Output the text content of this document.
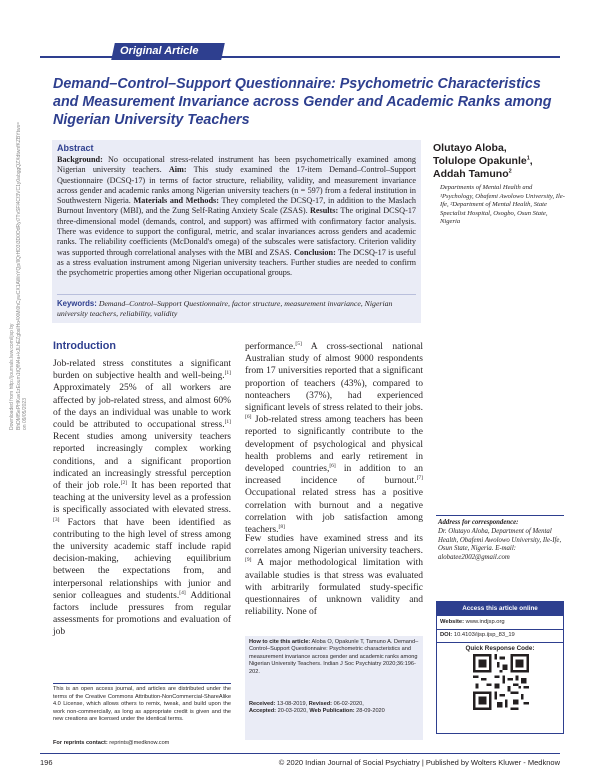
Original Article
Demand–Control–Support Questionnaire: Psychometric Characteristics and Measurement Invariance across Gender and Academic Ranks among Nigerian University Teachers
Downloaded from http://journals.lww.com/ijsp by BhDMf5ePHKav1zEoum1tQfN4a+kJLhEZgbsIHo4XMi0hCywCX1AWnYQp/IlQrHD3i3D0OdRyi7TvSFl4Cf3VC1y0abggQZXdtwnfKZBYtws= on 09/05/2023
Abstract
Background: No occupational stress-related instrument has been psychometrically examined among Nigerian university teachers. Aim: This study examined the 17-item Demand–Control–Support Questionnaire (DCSQ-17) in terms of factor structure, reliability, validity, and measurement invariance across gender and academic ranks among Nigerian university teachers (n = 597) from a federal institution in Southwestern Nigeria. Materials and Methods: They completed the DCSQ-17, in addition to the Maslach Burnout Inventory (MBI), and the Zung Self-Rating Anxiety Scale (ZSAS). Results: The original DCSQ-17 three-dimensional model (demands, control, and support) was affirmed with confirmatory factor analysis. There was evidence to support the configural, metric, and scalar invariances across genders and academic ranks. The reliability coefficients (McDonald's omega) of the subscales were satisfactory. Criterion validity was supported through correlational analyses with the MBI and ZSAS. Conclusion: The DCSQ-17 is useful as a stress evaluation instrument among Nigerian university teachers. Further studies are needed to confirm the psychometric properties among other Nigerian occupational groups.
Keywords: Demand–Control–Support Questionnaire, factor structure, measurement invariance, Nigerian university teachers, reliability, validity
Olutayo Aloba,
Tolulope Opakunle$^1$,
Addah Tamuno$^2$
Departments of Mental Health and ¹Psychology, Obafemi Awolowo University, Ile-Ife, ²Department of Mental Health, State Specialist Hospital, Osogbo, Osun State, Nigeria
Introduction
Job-related stress constitutes a significant burden on subjective health and well-being.[1] Approximately 25% of all workers are affected by job-related stress, and almost 60% of the days an individual was unable to work could be attributed to occupational stress.[1] Recent studies among university teachers reported increasingly complex working conditions, and a significant proportion indicated an increasingly stressful perception of their job role.[2] It has been reported that teaching at the university level as a profession is specifically associated with elevated stress.[3] Factors that have been identified as contributing to the high level of stress among the university academic staff include rapid decision-making, achieving equilibrium between the expectations from, and interpersonal relationships with junior and senior colleagues and students.[4] Additional factors include pressures from regular assessments for promotions and evaluation of job
performance.[5] A cross-sectional national Australian study of almost 9000 respondents from 17 universities reported that a significant proportion of teachers (43%), compared to nonteachers (37%), had experienced significant levels of stress related to their jobs.[6] Job-related stress among teachers has been reported to significantly contribute to the development of psychological and physical health problems and early retirement in developed countries,[6] in addition to an increased incidence of burnout.[7] Occupational related stress has a positive correlation with burnout and a negative correlation with job satisfaction among teachers.[8]
Few studies have examined stress and its correlates among Nigerian university teachers.[9] A major methodological limitation with available studies is that stress was evaluated with arbitrarily formulated study-specific questionnaires of unknown validity and reliability. None of
This is an open access journal, and articles are distributed under the terms of the Creative Commons Attribution-NonCommercial-ShareAlike 4.0 License, which allows others to remix, tweak, and build upon the work non-commercially, as long as appropriate credit is given and the new creations are licensed under the identical terms.
For reprints contact: reprints@medknow.com
How to cite this article: Aloba O, Opakunle T, Tamuno A. Demand–Control–Support Questionnaire: Psychometric characteristics and measurement invariance across gender and academic ranks among Nigerian University Teachers. Indian J Soc Psychiatry 2020;36:196-202.
Received: 13-08-2019, Revised: 06-02-2020,
Accepted: 20-03-2020, Web Publication: 28-09-2020
Address for correspondence:
Dr. Olutayo Aloba, Department of Mental Health, Obafemi Awolowo University, Ile-Ife, Osun State, Nigeria. E-mail: alobatee2002@gmail.com
Access this article online
Website: www.indjsp.org
DOI: 10.4103/ijsp.ijsp_83_19
Quick Response Code:
196	© 2020 Indian Journal of Social Psychiatry | Published by Wolters Kluwer - Medknow
